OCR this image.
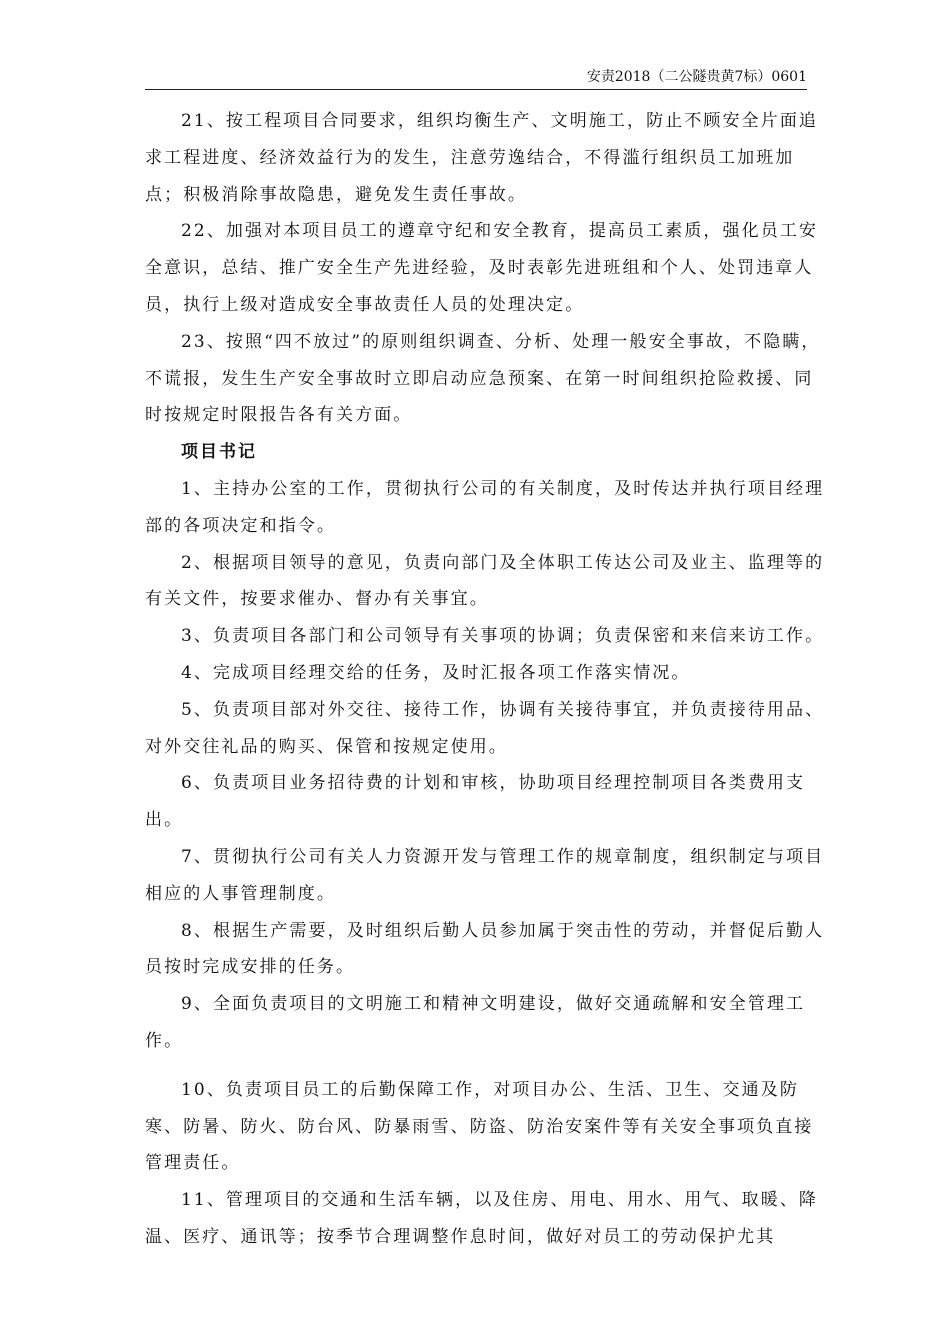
安责2018（二公隧贵黄7标）0601

21、按工程项目合同要求，组织均衡生产、文明施工，防止不顾安全片面追求工程进度、经济效益行为的发生，注意劳逸结合，不得滥行组织员工加班加点；积极消除事故隐患，避免发生责任事故。

22、加强对本项目员工的遵章守纪和安全教育，提高员工素质，强化员工安全意识，总结、推广安全生产先进经验，及时表彰先进班组和个人、处罚违章人员，执行上级对造成安全事故责任人员的处理决定。

23、按照“四不放过”的原则组织调查、分析、处理一般安全事故，不隐瞒，不谎报，发生生产安全事故时立即启动应急预案、在第一时间组织抢险救援、同时按规定时限报告各有关方面。

项目书记

1、主持办公室的工作，贯彻执行公司的有关制度，及时传达并执行项目经理部的各项决定和指令。

2、根据项目领导的意见，负责向部门及全体职工传达公司及业主、监理等的有关文件，按要求催办、督办有关事宜。

3、负责项目各部门和公司领导有关事项的协调；负责保密和来信来访工作。

4、完成项目经理交给的任务，及时汇报各项工作落实情况。

5、负责项目部对外交往、接待工作，协调有关接待事宜，并负责接待用品、对外交往礼品的购买、保管和按规定使用。

6、负责项目业务招待费的计划和审核，协助项目经理控制项目各类费用支出。

7、贯彻执行公司有关人力资源开发与管理工作的规章制度，组织制定与项目相应的人事管理制度。

8、根据生产需要，及时组织后勤人员参加属于突击性的劳动，并督促后勤人员按时完成安排的任务。

9、全面负责项目的文明施工和精神文明建设，做好交通疏解和安全管理工作。

10、负责项目员工的后勤保障工作，对项目办公、生活、卫生、交通及防寒、防暑、防火、防台风、防暴雨雪、防盗、防治安案件等有关安全事项负直接管理责任。

11、管理项目的交通和生活车辆，以及住房、用电、用水、用气、取暖、降温、医疗、通讯等；按季节合理调整作息时间，做好对员工的劳动保护尤其
